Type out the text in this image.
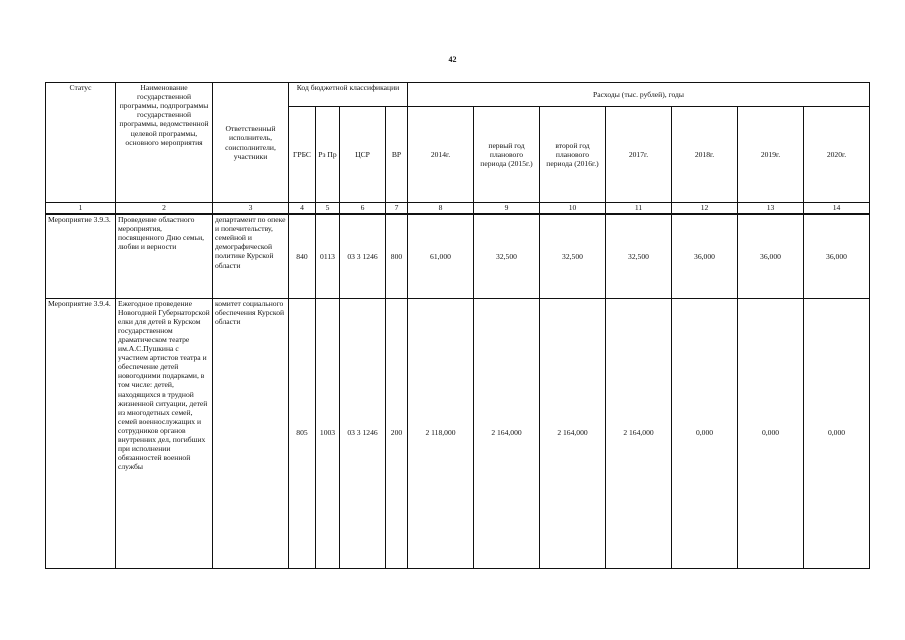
42
Статус	Наименование государственной программы, подпрограммы государственной программы, ведомственной целевой программы, основного мероприятия	Ответственный исполнитель, соисполнители, участники	Код бюджетной классификации				Расходы (тыс. рублей), годы						
			ГРБС	Рз Пр	ЦСР	ВР	2014г.	первый год планового периода (2015г.)	второй год планового периода (2016г.)	2017г.	2018г.	2019г.	2020г.
1	2	3	4	5	6	7	8	9	10	11	12	13	14
Мероприятие 3.9.3.	Проведение областного мероприятия, посвященного Дню семьи, любви и верности	департамент по опеке и попечительству, семейной и демографической политике Курской области	840	0113	03 3 1246	800	61,000	32,500	32,500	32,500	36,000	36,000	36,000
Мероприятие 3.9.4.	Ежегодное проведение Новогодней Губернаторской елки для детей в Курском государственном драматическом театре им.А.С.Пушкина с участием артистов театра и обеспечение детей новогодними подарками, в том числе: детей, находящихся в трудной жизненной ситуации, детей из многодетных семей, семей военнослужащих и сотрудников органов внутренних дел, погибших при исполнении обязанностей военной службы	комитет социального обеспечения Курской области	805	1003	03 3 1246	200	2 118,000	2 164,000	2 164,000	2 164,000	0,000	0,000	0,000
